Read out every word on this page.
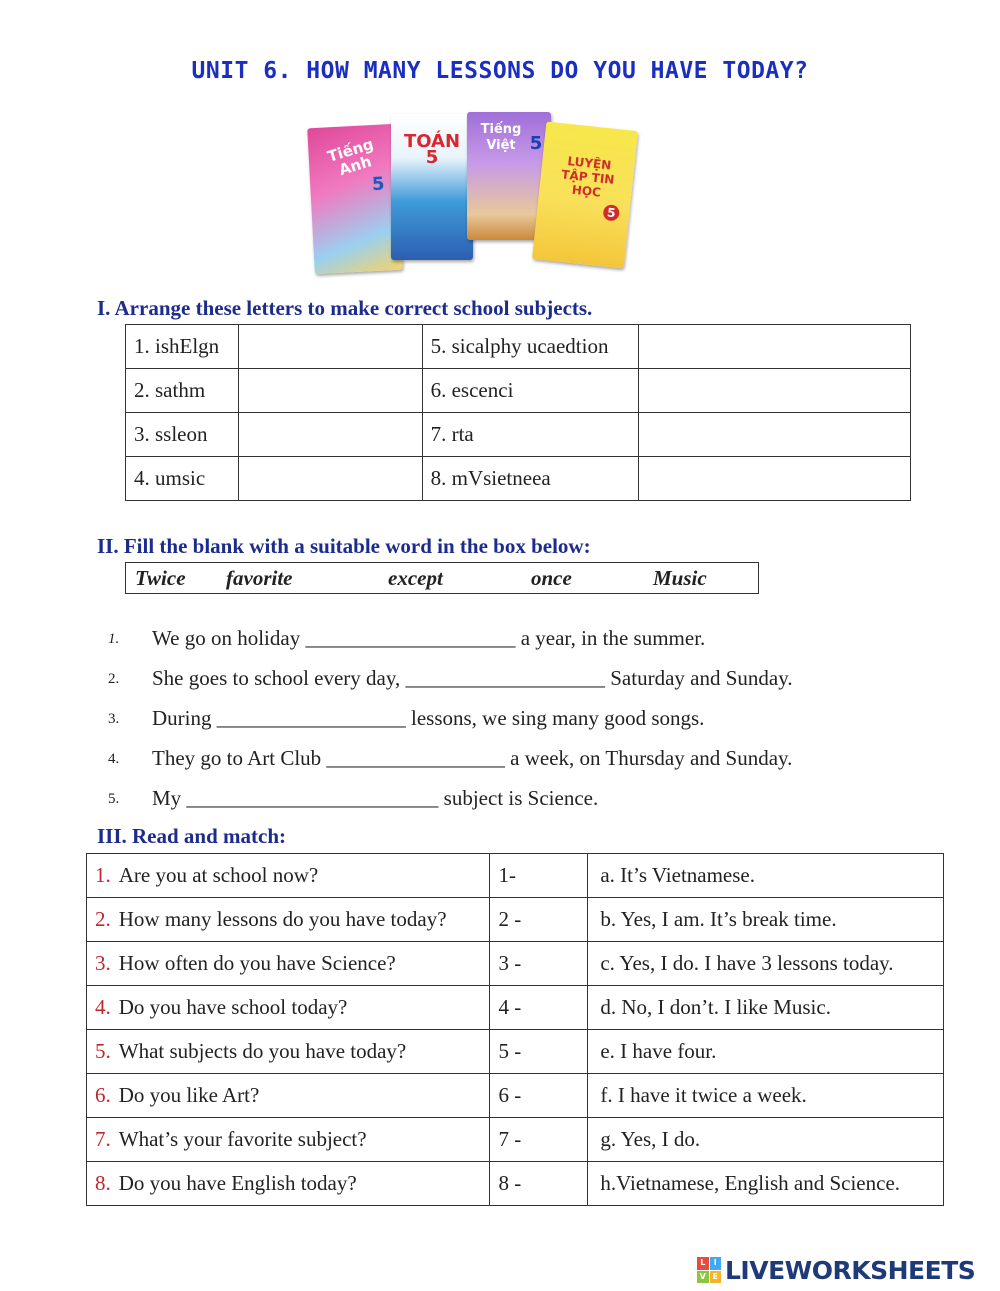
UNIT 6. HOW MANY LESSONS DO YOU HAVE TODAY?
Tiếng Anh
5
TOÁN 5
Tiếng Việt 5
LUYỆN TẬP TIN HỌC
5
I. Arrange these letters to make correct school subjects.
1. ishElgn		5. sicalphy ucaedtion	
2. sathm		6. escenci	
3. ssleon		7. rta	
4. umsic		8. mVsietneea	
II. Fill the blank with a suitable word in the box below:
Twice favorite	except	once	Music
1.	We go on holiday ____________________ a year, in the summer.
2.	She goes to school every day, ___________________ Saturday and Sunday.
3.	During __________________ lessons, we sing many good songs.
4.	They go to Art Club _________________ a week, on Thursday and Sunday.
5.	My ________________________ subject is Science.
III. Read and match:
1. Are you at school now?	1-	a. It’s Vietnamese.
2. How many lessons do you have today?	2 -	b. Yes, I am. It’s break time.
3. How often do you have Science?	3 -	c. Yes, I do. I have 3 lessons today.
4. Do you have school today?	4 -	d. No, I don’t. I like Music.
5. What subjects do you have today?	5 -	e. I have four.
6. Do you like Art?	6 -	f. I have it twice a week.
7. What’s your favorite subject?	7 -	g. Yes, I do.
8. Do you have English today?	8 -	h.Vietnamese, English and Science.
L	I
V E LIVEWORKSHEETS
